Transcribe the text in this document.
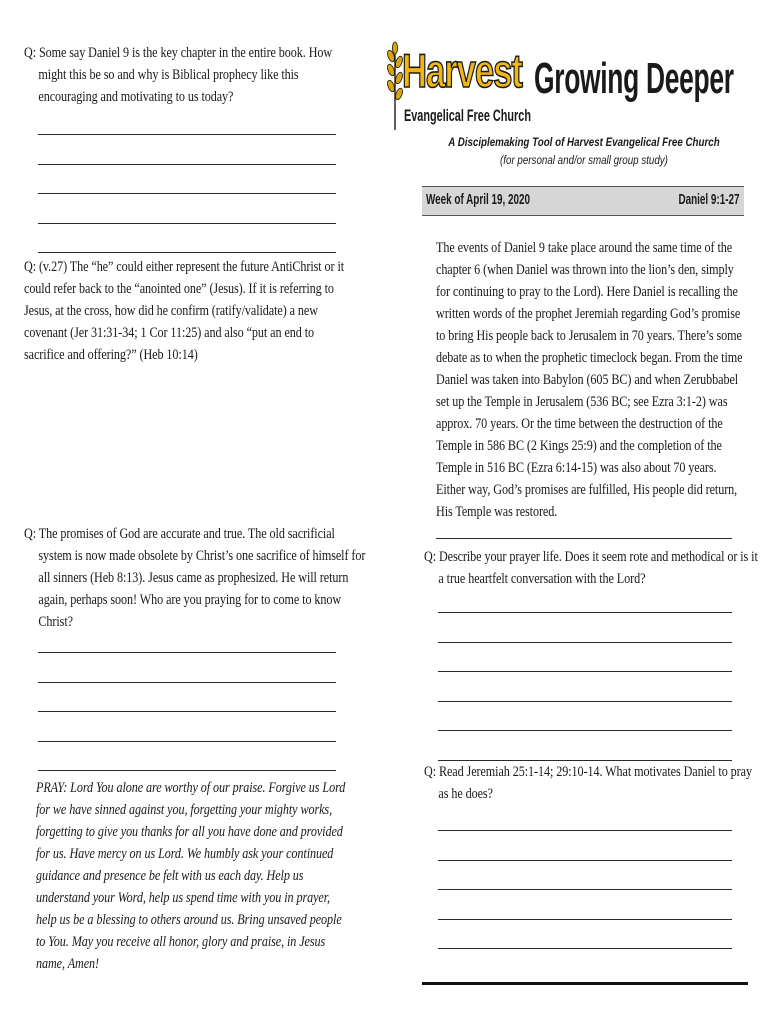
Harvest
Evangelical Free Church
Growing Deeper
A Disciplemaking Tool of Harvest Evangelical Free Church
(for personal and/or small group study)
Week of April 19, 2020	Daniel 9:1-27

Q: Some say Daniel 9 is the key chapter in the entire book. How might this be so and why is Biblical prophecy like this encouraging and motivating to us today?

Q: (v.27) The “he” could either represent the future AntiChrist or it could refer back to the “anointed one” (Jesus). If it is referring to Jesus, at the cross, how did he confirm (ratify/validate) a new covenant (Jer 31:31-34; 1 Cor 11:25) and also “put an end to sacrifice and offering?” (Heb 10:14)

Q: The promises of God are accurate and true. The old sacrificial system is now made obsolete by Christ’s one sacrifice of himself for all sinners (Heb 8:13). Jesus came as prophesized. He will return again, perhaps soon! Who are you praying for to come to know Christ?

PRAY: Lord You alone are worthy of our praise. Forgive us Lord for we have sinned against you, forgetting your mighty works, forgetting to give you thanks for all you have done and provided for us. Have mercy on us Lord. We humbly ask your continued guidance and presence be felt with us each day. Help us understand your Word, help us spend time with you in prayer, help us be a blessing to others around us. Bring unsaved people to You. May you receive all honor, glory and praise, in Jesus name, Amen!

The events of Daniel 9 take place around the same time of the chapter 6 (when Daniel was thrown into the lion’s den, simply for continuing to pray to the Lord). Here Daniel is recalling the written words of the prophet Jeremiah regarding God’s promise to bring His people back to Jerusalem in 70 years. There’s some debate as to when the prophetic timeclock began. From the time Daniel was taken into Babylon (605 BC) and when Zerubbabel set up the Temple in Jerusalem (536 BC; see Ezra 3:1-2) was approx. 70 years. Or the time between the destruction of the Temple in 586 BC (2 Kings 25:9) and the completion of the Temple in 516 BC (Ezra 6:14-15) was also about 70 years. Either way, God’s promises are fulfilled, His people did return, His Temple was restored.

Q: Describe your prayer life. Does it seem rote and methodical or is it a true heartfelt conversation with the Lord?

Q: Read Jeremiah 25:1-14; 29:10-14. What motivates Daniel to pray as he does?
